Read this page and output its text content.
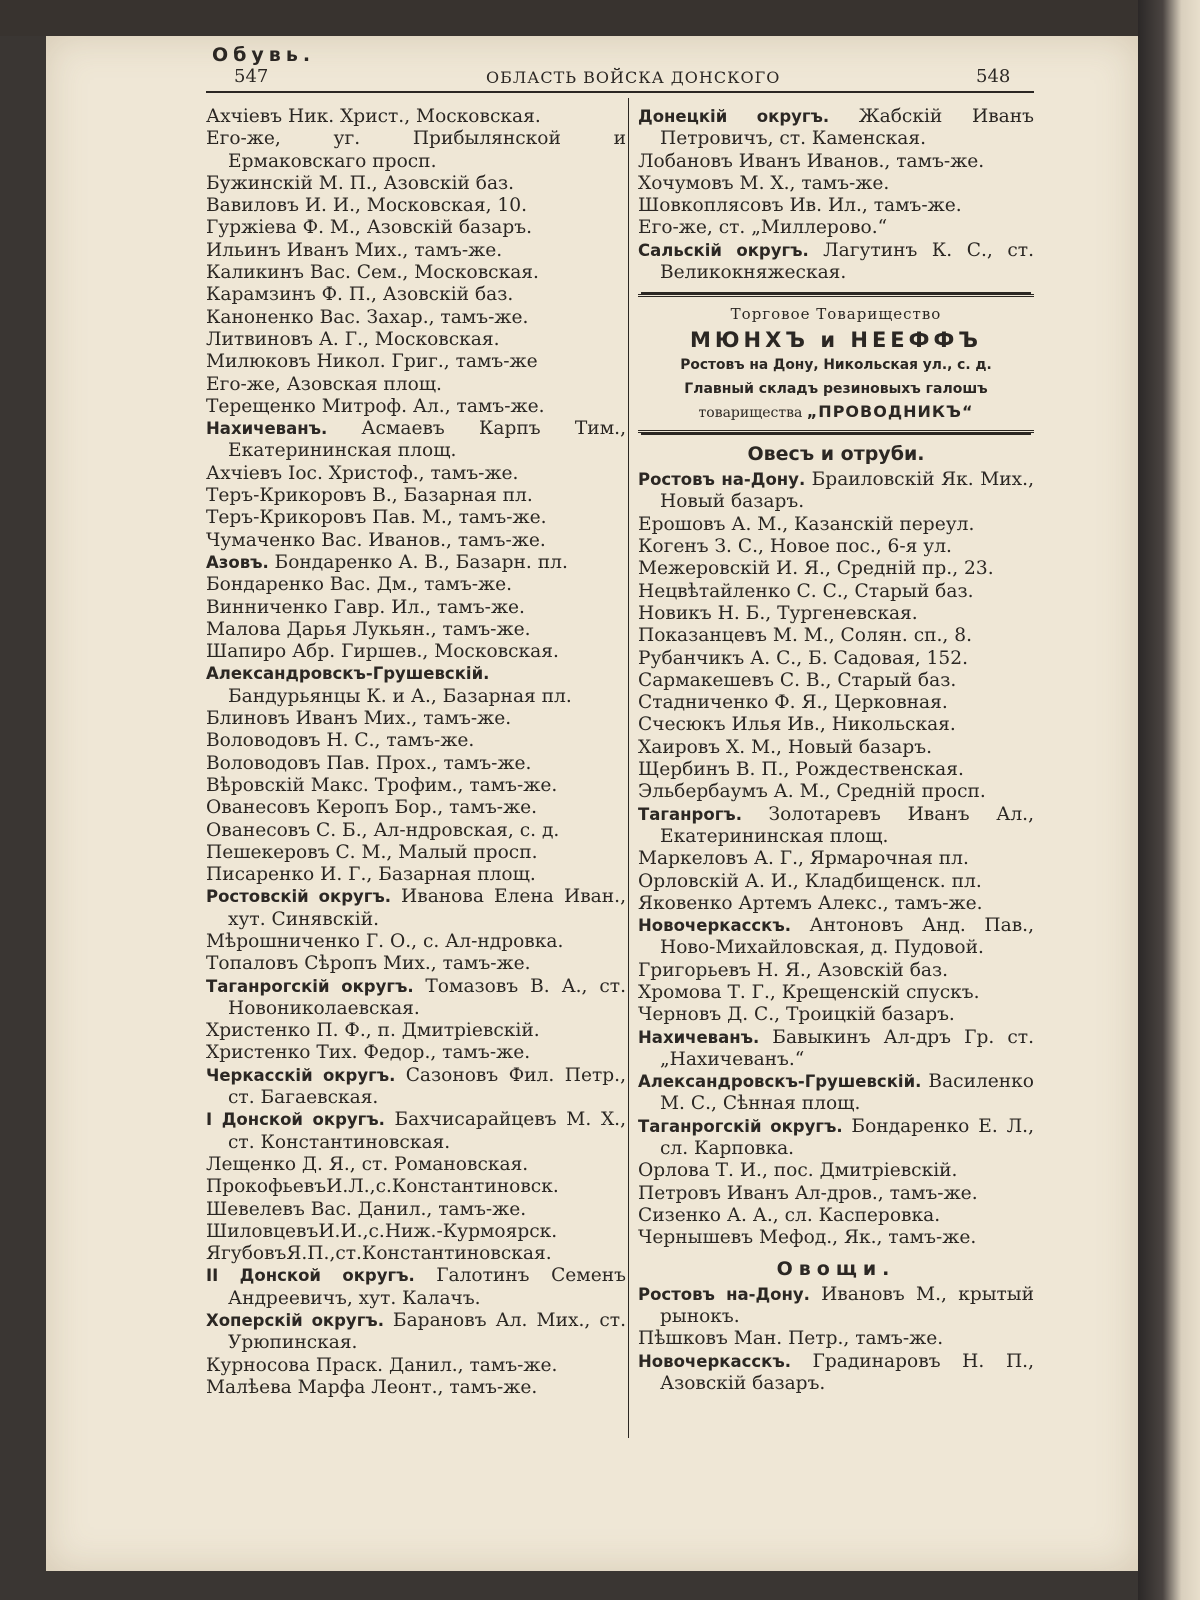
Обувь.
547	ОБЛАСТЬ ВОЙСКА ДОНСКОГО	548

Ахчіевъ Ник. Христ., Московская.

Его-же, уг. Прибылянской и Ермаковскаго просп.

Бужинскій М. П., Азовскій баз.

Вавиловъ И. И., Московская, 10.

Гуржіева Ф. М., Азовскій базаръ.

Ильинъ Иванъ Мих., тамъ-же.

Каликинъ Вас. Сем., Московская.

Карамзинъ Ф. П., Азовскій баз.

Каноненко Вас. Захар., тамъ-же.

Литвиновъ А. Г., Московская.

Милюковъ Никол. Григ., тамъ-же

Его-же, Азовская площ.

Терещенко Митроф. Ал., тамъ-же.

Нахичеванъ. Асмаевъ Карпъ Тим., Екатерининская площ.

Ахчіевъ Іос. Христоф., тамъ-же.

Теръ-Крикоровъ В., Базарная пл.

Теръ-Крикоровъ Пав. М., тамъ-же.

Чумаченко Вас. Иванов., тамъ-же.

Азовъ. Бондаренко А. В., Базарн. пл.

Бондаренко Вас. Дм., тамъ-же.

Винниченко Гавр. Ил., тамъ-же.

Малова Дарья Лукьян., тамъ-же.

Шапиро Абр. Гиршев., Московская.

Александровскъ-Грушевскій. Бандурьянцы К. и А., Базарная пл.

Блиновъ Иванъ Мих., тамъ-же.

Воловодовъ Н. С., тамъ-же.

Воловодовъ Пав. Прох., тамъ-же.

Вѣровскій Макс. Трофим., тамъ-же.

Ованесовъ Керопъ Бор., тамъ-же.

Ованесовъ С. Б., Ал-ндровская, с. д.

Пешекеровъ С. М., Малый просп.

Писаренко И. Г., Базарная площ.

Ростовскій округъ. Иванова Елена Иван., хут. Синявскій.

Мѣрошниченко Г. О., с. Ал-ндровка.

Топаловъ Сѣропъ Мих., тамъ-же.

Таганрогскій округъ. Томазовъ В. А., ст. Новониколаевская.

Христенко П. Ф., п. Дмитріевскій.

Христенко Тих. Федор., тамъ-же.

Черкасскій округъ. Сазоновъ Фил. Петр., ст. Багаевская.

I Донской округъ. Бахчисарайцевъ М. Х., ст. Константиновская.

Лещенко Д. Я., ст. Романовская.

ПрокофьевъИ.Л.,с.Константиновск.

Шевелевъ Вас. Данил., тамъ-же.

ШиловцевъИ.И.,с.Ниж.-Курмоярск.

ЯгубовъЯ.П.,ст.Константиновская.

II Донской округъ. Галотинъ Семенъ Андреевичъ, хут. Калачъ.

Хоперскій округъ. Барановъ Ал. Мих., ст. Урюпинская.

Курносова Праск. Данил., тамъ-же.

Малѣева Марфа Леонт., тамъ-же.

Донецкій округъ. Жабскій Иванъ Петровичъ, ст. Каменская.

Лобановъ Иванъ Иванов., тамъ-же.

Хочумовъ М. Х., тамъ-же.

Шовкоплясовъ Ив. Ил., тамъ-же.

Его-же, ст. „Миллерово.“

Сальскій округъ. Лагутинъ К. С., ст. Великокняжеская.

Торговое Товарищество
МЮНХЪ и НЕЕФФЪ
Ростовъ на Дону, Никольская ул., с. д.
Главный складъ резиновыхъ галошъ
товарищества „ПРОВОДНИКЪ“
Овесъ и отруби.

Ростовъ на-Дону. Браиловскій Як. Мих., Новый базаръ.

Ерошовъ А. М., Казанскій переул.

Когенъ З. С., Новое пос., 6-я ул.

Межеровскій И. Я., Средній пр., 23.

Нецвѣтайленко С. С., Старый баз.

Новикъ Н. Б., Тургеневская.

Показанцевъ М. М., Солян. сп., 8.

Рубанчикъ А. С., Б. Садовая, 152.

Сармакешевъ С. В., Старый баз.

Стадниченко Ф. Я., Церковная.

Счесюкъ Илья Ив., Никольская.

Хаировъ Х. М., Новый базаръ.

Щербинъ В. П., Рождественская.

Эльбербаумъ А. М., Средній просп.

Таганрогъ. Золотаревъ Иванъ Ал., Екатерининская площ.

Маркеловъ А. Г., Ярмарочная пл.

Орловскій А. И., Кладбищенск. пл.

Яковенко Артемъ Алекс., тамъ-же.

Новочеркасскъ. Антоновъ Анд. Пав., Ново-Михайловская, д. Пудовой.

Григорьевъ Н. Я., Азовскій баз.

Хромова Т. Г., Крещенскій спускъ.

Черновъ Д. С., Троицкій базаръ.

Нахичеванъ. Бавыкинъ Ал-дръ Гр. ст. „Нахичеванъ.“

Александровскъ-Грушевскій. Василенко М. С., Сѣнная площ.

Таганрогскій округъ. Бондаренко Е. Л., сл. Карповка.

Орлова Т. И., пос. Дмитріевскій.

Петровъ Иванъ Ал-дров., тамъ-же.

Сизенко А. А., сл. Касперовка.

Чернышевъ Мефод., Як., тамъ-же.

Овощи.

Ростовъ на-Дону. Ивановъ М., крытый рынокъ.

Пѣшковъ Ман. Петр., тамъ-же.

Новочеркасскъ. Градинаровъ Н. П., Азовскій базаръ.
